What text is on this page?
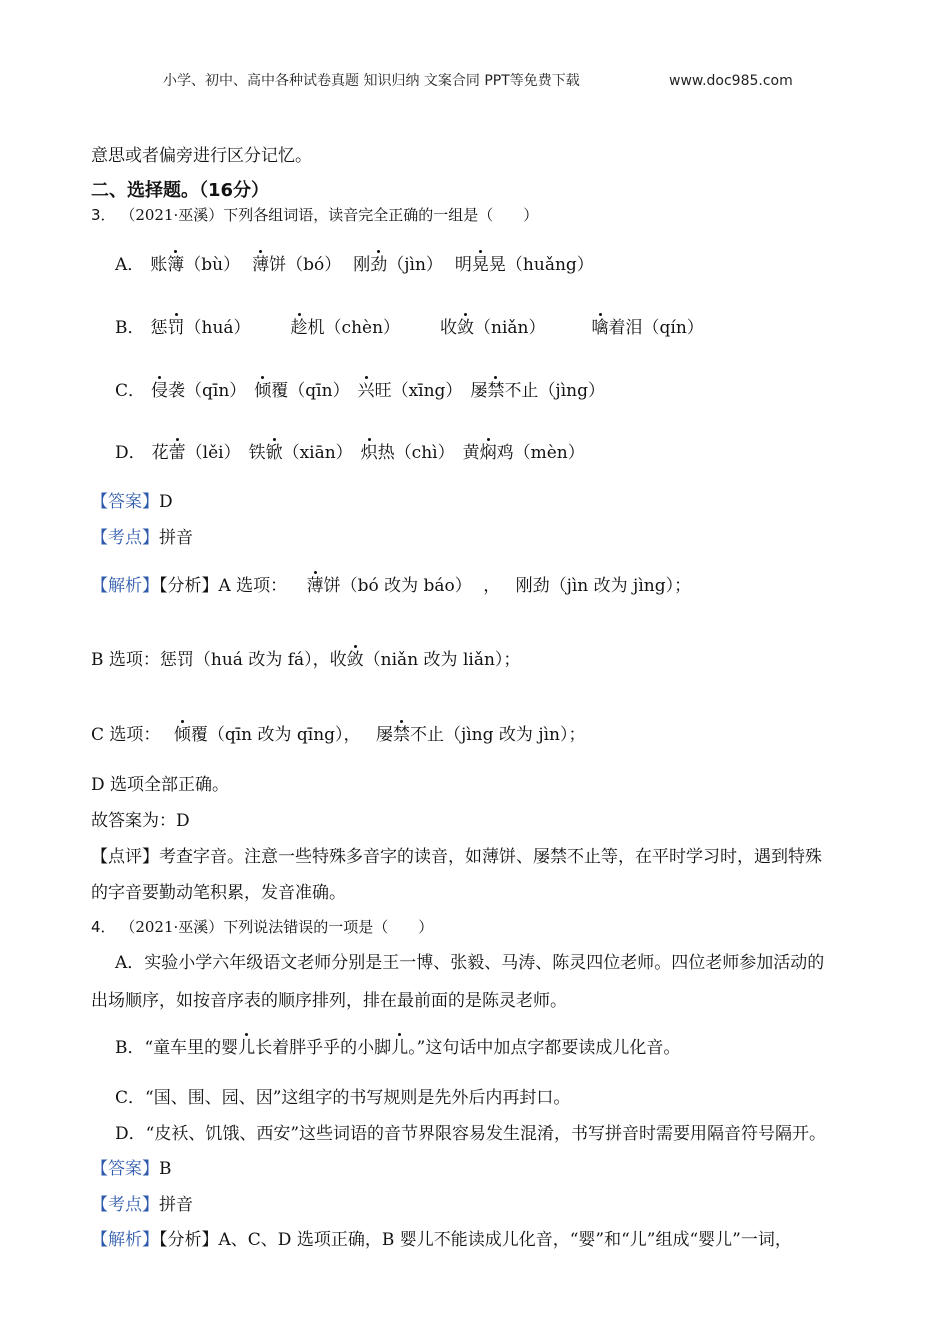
小学、初中、高中各种试卷真题 知识归纳 文案合同 PPT等免费下载	www.doc985.com
意思或者偏旁进行区分记忆。
二、选择题。（16分）
3． （2021·巫溪）下列各组词语，读音完全正确的一组是（　　）
A． 账簿（bù） 薄饼（bó） 刚劲（jìn） 明晃晃（huǎng）
B． 惩罚（huá） 趁机（chèn） 收敛（niǎn）	噙着泪（qín）
C． 侵袭（qīn） 倾覆（qīn） 兴旺（xīng） 屡禁不止（jìng）
D． 花蕾（lěi） 铁锨（xiān） 炽热（chì） 黄焖鸡（mèn）
【答案】D
【考点】拼音
【解析】【分析】A 选项： 薄饼（bó 改为 báo） ， 刚劲（jìn 改为 jìng）；
B 选项：惩罚（huá 改为 fá），收敛（niǎn 改为 liǎn）；
C 选项： 倾覆（qīn 改为 qīng）， 屡禁不止（jìng 改为 jìn）；
D 选项全部正确。
故答案为：D
【点评】考查字音。注意一些特殊多音字的读音，如薄饼、屡禁不止等，在平时学习时，遇到特殊
的字音要勤动笔积累，发音准确。
4． （2021·巫溪）下列说法错误的一项是（　　）
A．实验小学六年级语文老师分别是王一博、张毅、马涛、陈灵四位老师。四位老师参加活动的
出场顺序，如按音序表的顺序排列，排在最前面的是陈灵老师。
B．“童车里的婴儿长着胖乎乎的小脚儿。”这句话中加点字都要读成儿化音。
C．“国、围、园、因”这组字的书写规则是先外后内再封口。
D．“皮袄、饥饿、西安”这些词语的音节界限容易发生混淆，书写拼音时需要用隔音符号隔开。
【答案】B
【考点】拼音
【解析】【分析】A、C、D 选项正确，B 婴儿不能读成儿化音，“婴”和“儿”组成“婴儿”一词，
